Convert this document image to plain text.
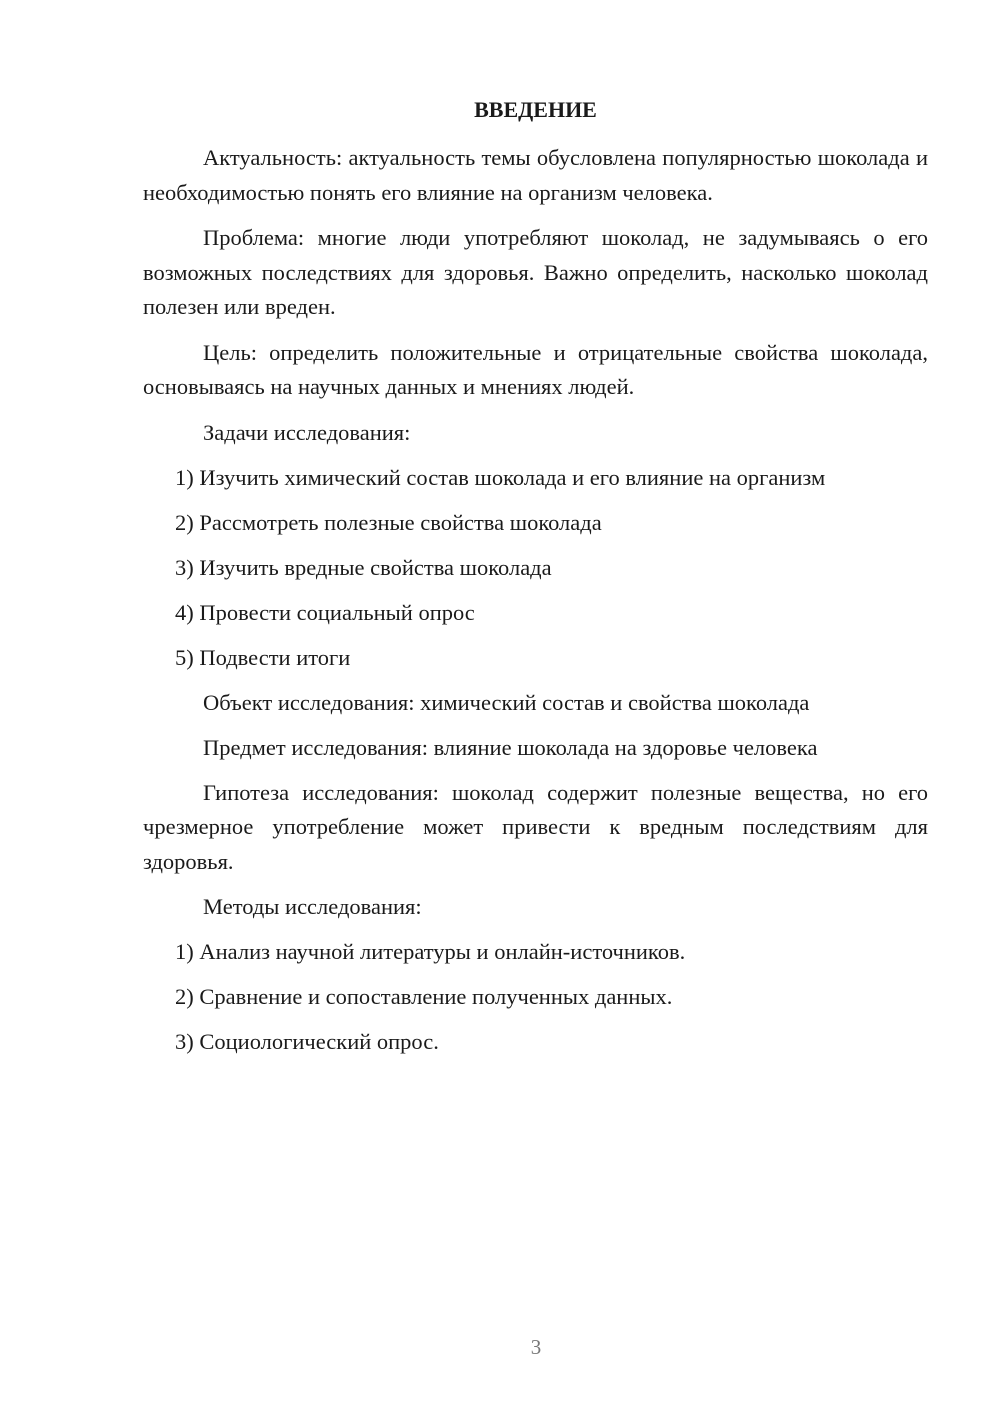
ВВЕДЕНИЕ
Актуальность: актуальность темы обусловлена популярностью шоколада и необходимостью понять его влияние на организм человека.
Проблема: многие люди употребляют шоколад, не задумываясь о его возможных последствиях для здоровья. Важно определить, насколько шоколад полезен или вреден.
Цель: определить положительные и отрицательные свойства шоколада, основываясь на научных данных и мнениях людей.
Задачи исследования:
1) Изучить химический состав шоколада и его влияние на организм
2) Рассмотреть полезные свойства шоколада
3) Изучить вредные свойства шоколада
4) Провести социальный опрос
5) Подвести итоги
Объект исследования: химический состав и свойства шоколада
Предмет исследования: влияние шоколада на здоровье человека
Гипотеза исследования: шоколад содержит полезные вещества, но его чрезмерное употребление может привести к вредным последствиям для здоровья.
Методы исследования:
1) Анализ научной литературы и онлайн-источников.
2) Сравнение и сопоставление полученных данных.
3) Социологический опрос.
3
